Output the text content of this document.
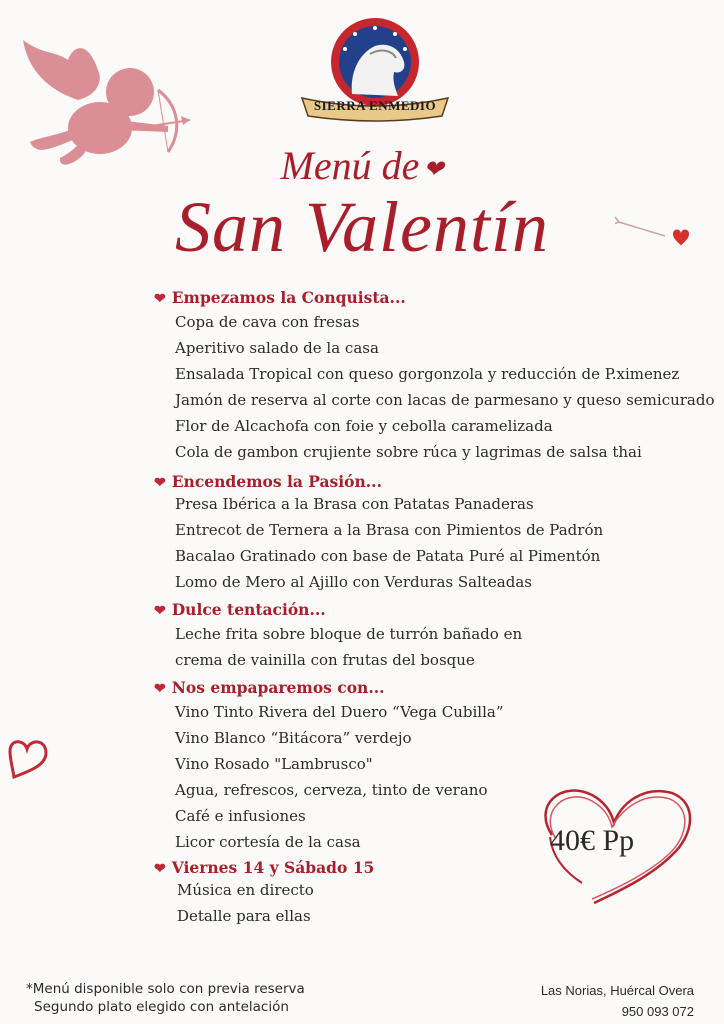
SIERRA ENMEDIO
Menú de ❤
San Valentín
❤ Empezamos la Conquista...
Copa de cava con fresas
Aperitivo salado de la casa
Ensalada Tropical con queso gorgonzola y reducción de P.ximenez
Jamón de reserva al corte con lacas de parmesano y queso semicurado
Flor de Alcachofa con foie y cebolla caramelizada
Cola de gambon crujiente sobre rúca y lagrimas de salsa thai
❤ Encendemos la Pasión...
Presa Ibérica a la Brasa con Patatas Panaderas
Entrecot de Ternera a la Brasa con Pimientos de Padrón
Bacalao Gratinado con base de Patata Puré al Pimentón
Lomo de Mero al Ajillo con Verduras Salteadas
❤ Dulce tentación...
Leche frita sobre bloque de turrón bañado en
crema de vainilla con frutas del bosque
❤ Nos empaparemos con...
Vino Tinto Rivera del Duero “Vega Cubilla”
Vino Blanco “Bitácora” verdejo
Vino Rosado "Lambrusco"
Agua, refrescos, cerveza, tinto de verano
Café e infusiones
Licor cortesía de la casa
❤ Viernes 14 y Sábado 15
Música en directo
Detalle para ellas
40€ Pp
*Menú disponible solo con previa reserva
Segundo plato elegido con antelación
Las Norias, Huércal Overa
950 093 072
